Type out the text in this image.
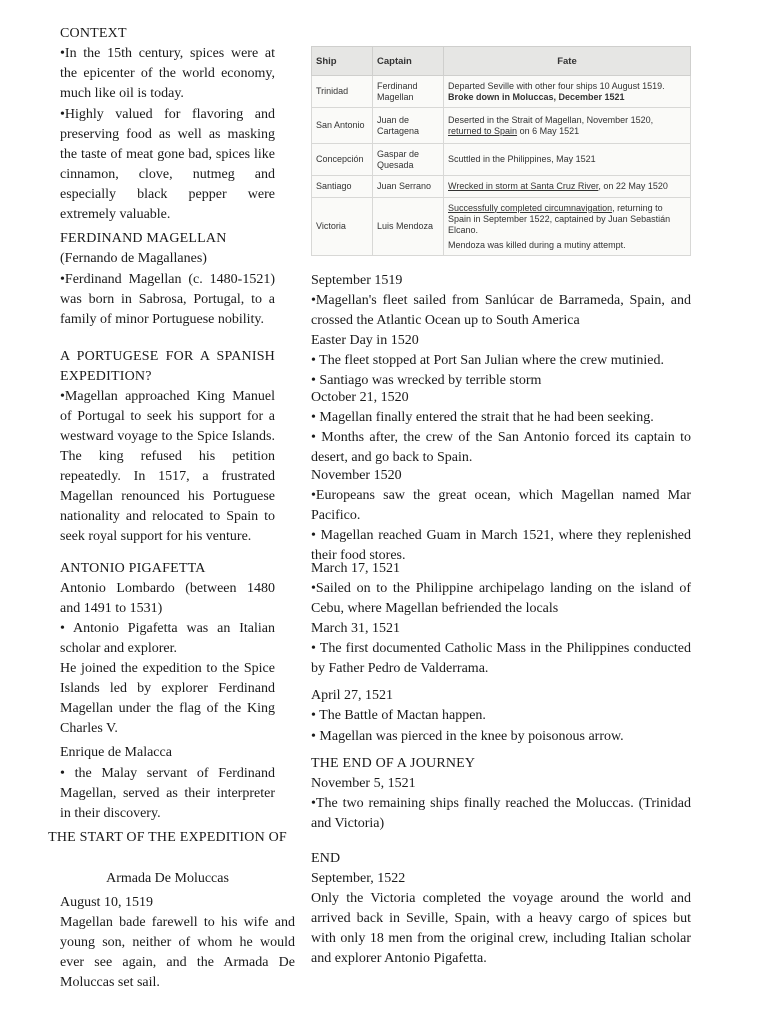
CONTEXT

•In the 15th century, spices were at the epicenter of the world economy, much like oil is today.

•Highly valued for flavoring and preserving food as well as masking the taste of meat gone bad, spices like cinnamon, clove, nutmeg and especially black pepper were extremely valuable.

FERDINAND MAGELLAN
(Fernando de Magallanes)

•Ferdinand Magellan (c. 1480-1521) was born in Sabrosa, Portugal, to a family of minor Portuguese nobility.

A PORTUGESE FOR A SPANISH EXPEDITION?

•Magellan approached King Manuel of Portugal to seek his support for a westward voyage to the Spice Islands. The king refused his petition repeatedly. In 1517, a frustrated Magellan renounced his Portuguese nationality and relocated to Spain to seek royal support for his venture.

ANTONIO PIGAFETTA
Antonio Lombardo (between 1480 and 1491 to 1531)

• Antonio Pigafetta was an Italian scholar and explorer.

He joined the expedition to the Spice Islands led by explorer Ferdinand Magellan under the flag of the King Charles V.

Enrique de Malacca

• the Malay servant of Ferdinand Magellan, served as their interpreter in their discovery.

THE START OF THE EXPEDITION OF
Armada De Moluccas
August 10, 1519

Magellan bade farewell to his wife and young son, neither of whom he would ever see again, and the Armada De Moluccas set sail.

Ship	Captain	Fate
Trinidad	Ferdinand Magellan	Departed Seville with other four ships 10 August 1519.
Broke down in Moluccas, December 1521

San Antonio	Juan de Cartagena	Deserted in the Strait of Magellan, November 1520,
returned to Spain on 6 May 1521
Concepción	Gaspar de Quesada	Scuttled in the Philippines, May 1521
Santiago	Juan Serrano	Wrecked in storm at Santa Cruz River, on 22 May 1520
Victoria	Luis Mendoza	Successfully completed circumnavigation, returning to Spain in September 1522, captained by Juan Sebastián Elcano.
Mendoza was killed during a mutiny attempt.
September 1519

•Magellan's fleet sailed from Sanlúcar de Barrameda, Spain, and crossed the Atlantic Ocean up to South America

Easter Day in 1520

• The fleet stopped at Port San Julian where the crew mutinied.

• Santiago was wrecked by terrible storm

October 21, 1520

• Magellan finally entered the strait that he had been seeking.

• Months after, the crew of the San Antonio forced its captain to desert, and go back to Spain.

November 1520

•Europeans saw the great ocean, which Magellan named Mar Pacifico.

• Magellan reached Guam in March 1521, where they replenished their food stores.

March 17, 1521

•Sailed on to the Philippine archipelago landing on the island of Cebu, where Magellan befriended the locals

March 31, 1521

• The first documented Catholic Mass in the Philippines conducted by Father Pedro de Valderrama.

April 27, 1521

• The Battle of Mactan happen.

• Magellan was pierced in the knee by poisonous arrow.

THE END OF A JOURNEY
November 5, 1521

•The two remaining ships finally reached the Moluccas. (Trinidad and Victoria)

END
September, 1522

Only the Victoria completed the voyage around the world and arrived back in Seville, Spain, with a heavy cargo of spices but with only 18 men from the original crew, including Italian scholar and explorer Antonio Pigafetta.
